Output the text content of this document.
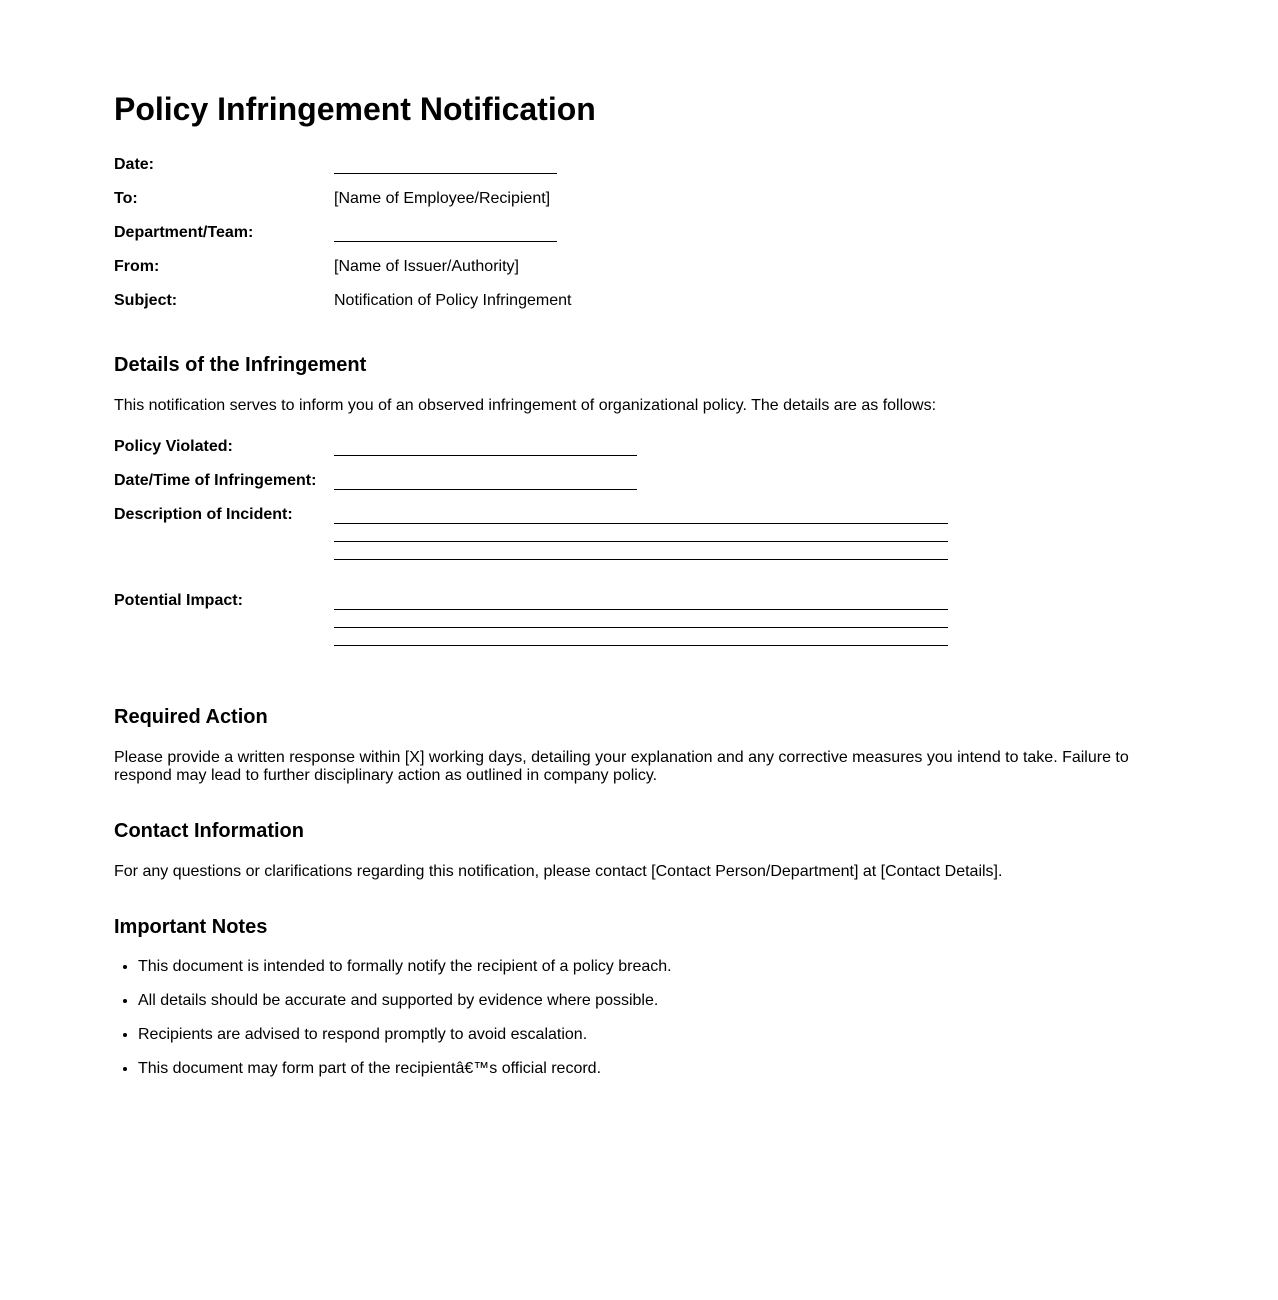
Policy Infringement Notification
Date:
To:	[Name of Employee/Recipient]
Department/Team:
From:	[Name of Issuer/Authority]
Subject:	Notification of Policy Infringement
Details of the Infringement

This notification serves to inform you of an observed infringement of organizational policy. The details are as follows:

Policy Violated:
Date/Time of Infringement:
Description of Incident:
Potential Impact:
Required Action

Please provide a written response within [X] working days, detailing your explanation and any corrective measures you intend to take. Failure to respond may lead to further disciplinary action as outlined in company policy.

Contact Information

For any questions or clarifications regarding this notification, please contact [Contact Person/Department] at [Contact Details].

Important Notes
• This document is intended to formally notify the recipient of a policy breach.
• All details should be accurate and supported by evidence where possible.
• Recipients are advised to respond promptly to avoid escalation.
• This document may form part of the recipientâ€™s official record.
